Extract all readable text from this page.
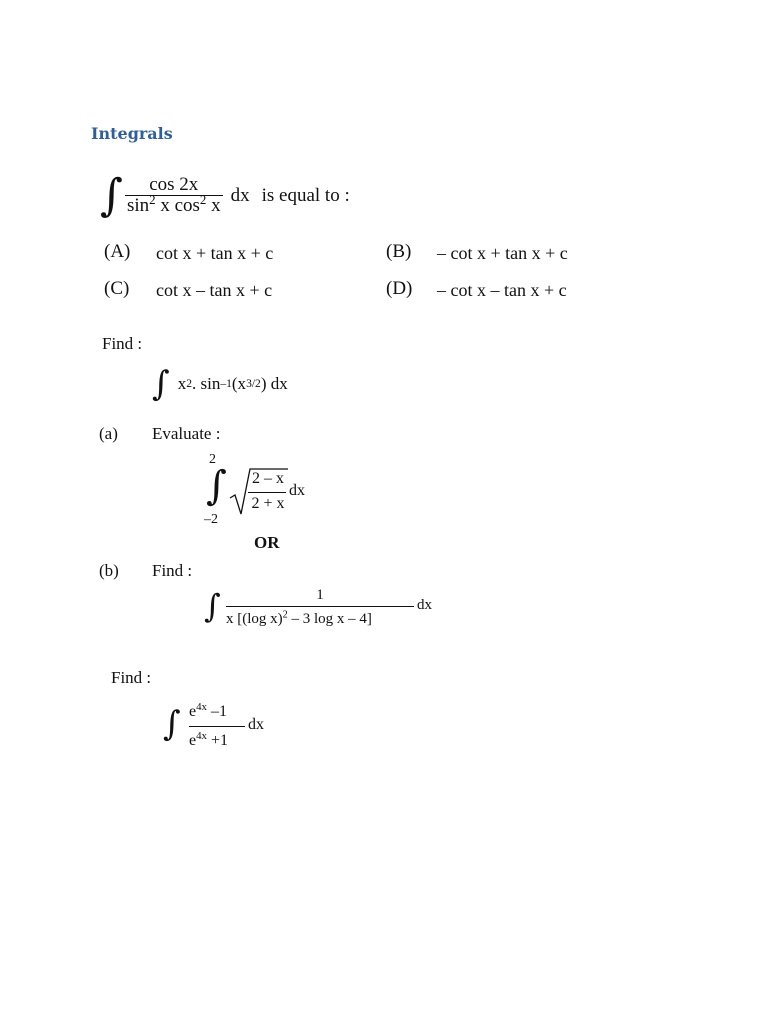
Integrals
∫ $\frac{\cos 2x}{\sin^2 x \cos^2 x}$ dx is equal to :
(A) cot x + tan x + c	(B) – cot x + tan x + c
(C) cot x – tan x + c	(D) – cot x – tan x + c
Find :
∫ x 2 . sin –1 (x 3/2 ) dx
(a) Evaluate :
2
∫
–2
2 – x
2 + x
dx
OR
(b) Find :
∫	1
x [(log x)$^2$ – 3 log x – 4]
dx
Find :
∫ $e^{4x}$ –1
$e^{4x} +1$
dx
